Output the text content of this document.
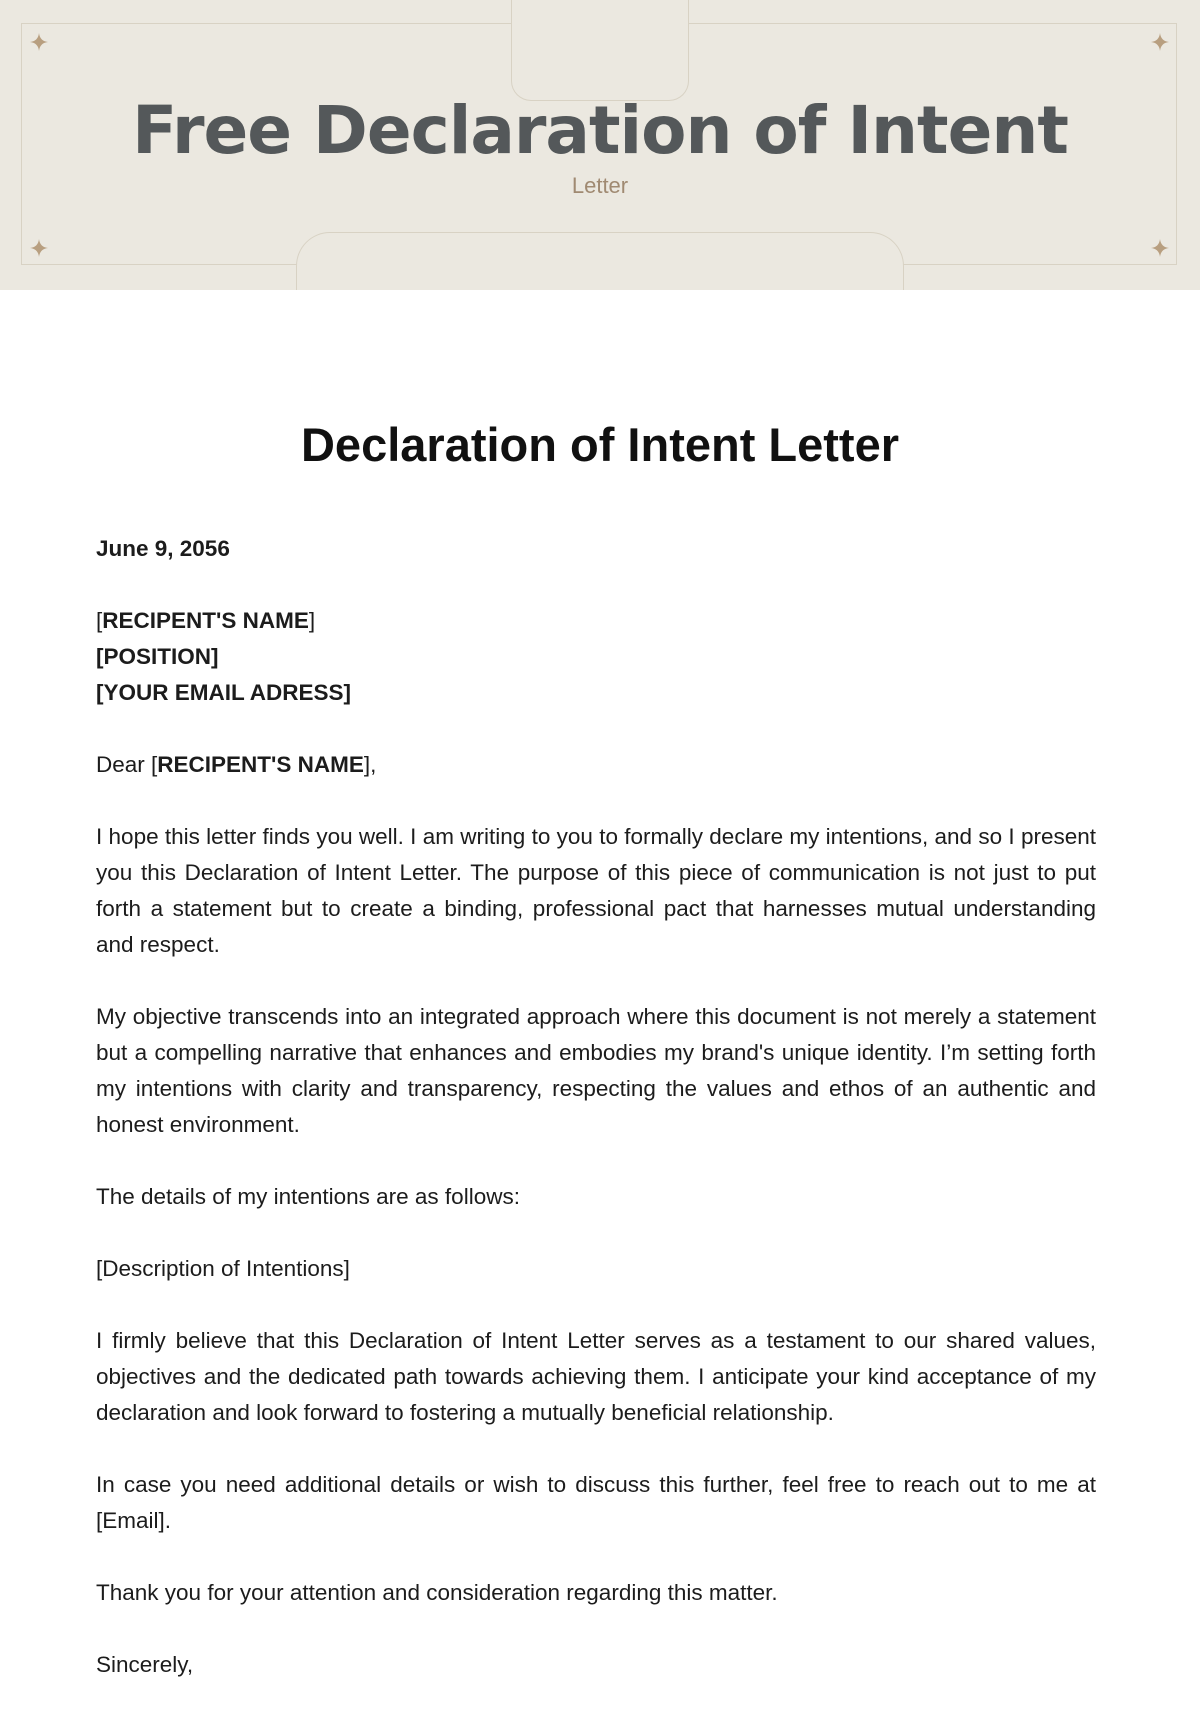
Free Declaration of Intent
Letter
Declaration of Intent Letter

June 9, 2056

[RECIPENT'S NAME]
[POSITION]
[YOUR EMAIL ADRESS]

Dear [RECIPENT'S NAME],

I hope this letter finds you well. I am writing to you to formally declare my intentions, and so I present you this Declaration of Intent Letter. The purpose of this piece of communication is not just to put forth a statement but to create a binding, professional pact that harnesses mutual understanding and respect.

My objective transcends into an integrated approach where this document is not merely a statement but a compelling narrative that enhances and embodies my brand's unique identity. I’m setting forth my intentions with clarity and transparency, respecting the values and ethos of an authentic and honest environment.

The details of my intentions are as follows:

[Description of Intentions]

I firmly believe that this Declaration of Intent Letter serves as a testament to our shared values, objectives and the dedicated path towards achieving them. I anticipate your kind acceptance of my declaration and look forward to fostering a mutually beneficial relationship.

In case you need additional details or wish to discuss this further, feel free to reach out to me at [Email].

Thank you for your attention and consideration regarding this matter.

Sincerely,
